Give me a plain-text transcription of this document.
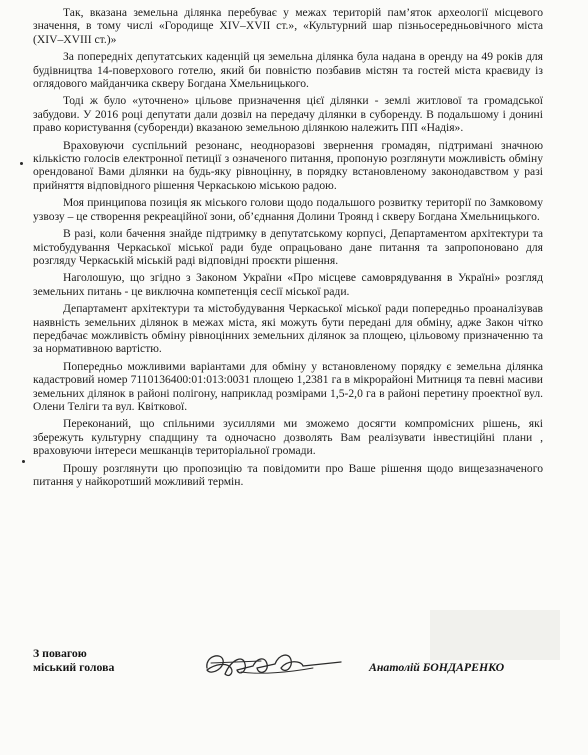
Так, вказана земельна ділянка перебуває у межах територій пам’яток археології місцевого значення, в тому числі «Городище XIV–XVII ст.», «Культурний шар пізньосередньовічного міста (XIV–XVIII ст.)»

За попередніх депутатських каденцій ця земельна ділянка була надана в оренду на 49 років для будівництва 14-поверхового готелю, який би повністю позбавив містян та гостей міста краєвиду із оглядового майданчика скверу Богдана Хмельницького.

Тоді ж було «уточнено» цільове призначення цієї ділянки - землі житлової та громадської забудови. У 2016 році депутати дали дозвіл на передачу ділянки в суборенду. В подальшому і донині право користування (суборенди) вказаною земельною ділянкою належить ПП «Надія».

Враховуючи суспільний резонанс, неодноразові звернення громадян, підтримані значною кількістю голосів електронної петиції з означеного питання, пропоную розглянути можливість обміну орендованої Вами ділянки на будь-яку рівноцінну, в порядку встановленому законодавством у разі прийняття відповідного рішення Черкаською міською радою.

Моя принципова позиція як міського голови щодо подальшого розвитку території по Замковому узвозу – це створення рекреаційної зони, об’єднання Долини Троянд і скверу Богдана Хмельницького.

В разі, коли бачення знайде підтримку в депутатському корпусі, Департаментом архітектури та містобудування Черкаської міської ради буде опрацьовано дане питання та запропоновано для розгляду Черкаській міській раді відповідні проєкти рішення.

Наголошую, що згідно з Законом України «Про місцеве самоврядування в Україні» розгляд земельних питань - це виключна компетенція сесії міської ради.

Департамент архітектури та містобудування Черкаської міської ради попередньо проаналізував наявність земельних ділянок в межах міста, які можуть бути передані для обміну, адже Закон чітко передбачає можливість обміну рівноцінних земельних ділянок за площею, цільовому призначенню та за нормативною вартістю.

Попередньо можливими варіантами для обміну у встановленому порядку є земельна ділянка кадастровий номер 7110136400:01:013:0031 площею 1,2381 га в мікрорайоні Митниця та певні масиви земельних ділянок в районі полігону, наприклад розмірами 1,5-2,0 га в районі перетину проектної вул. Олени Теліги та вул. Квіткової.

Переконаний, що спільними зусиллями ми зможемо досягти компромісних рішень, які збережуть культурну спадщину та одночасно дозволять Вам реалізувати інвестиційні плани , враховуючи інтереси мешканців територіальної громади.

Прошу розглянути цю пропозицію та повідомити про Ваше рішення щодо вищезазначеного питання у найкоротший можливий термін.

З повагою
міський голова	Анатолій БОНДАРЕНКО
